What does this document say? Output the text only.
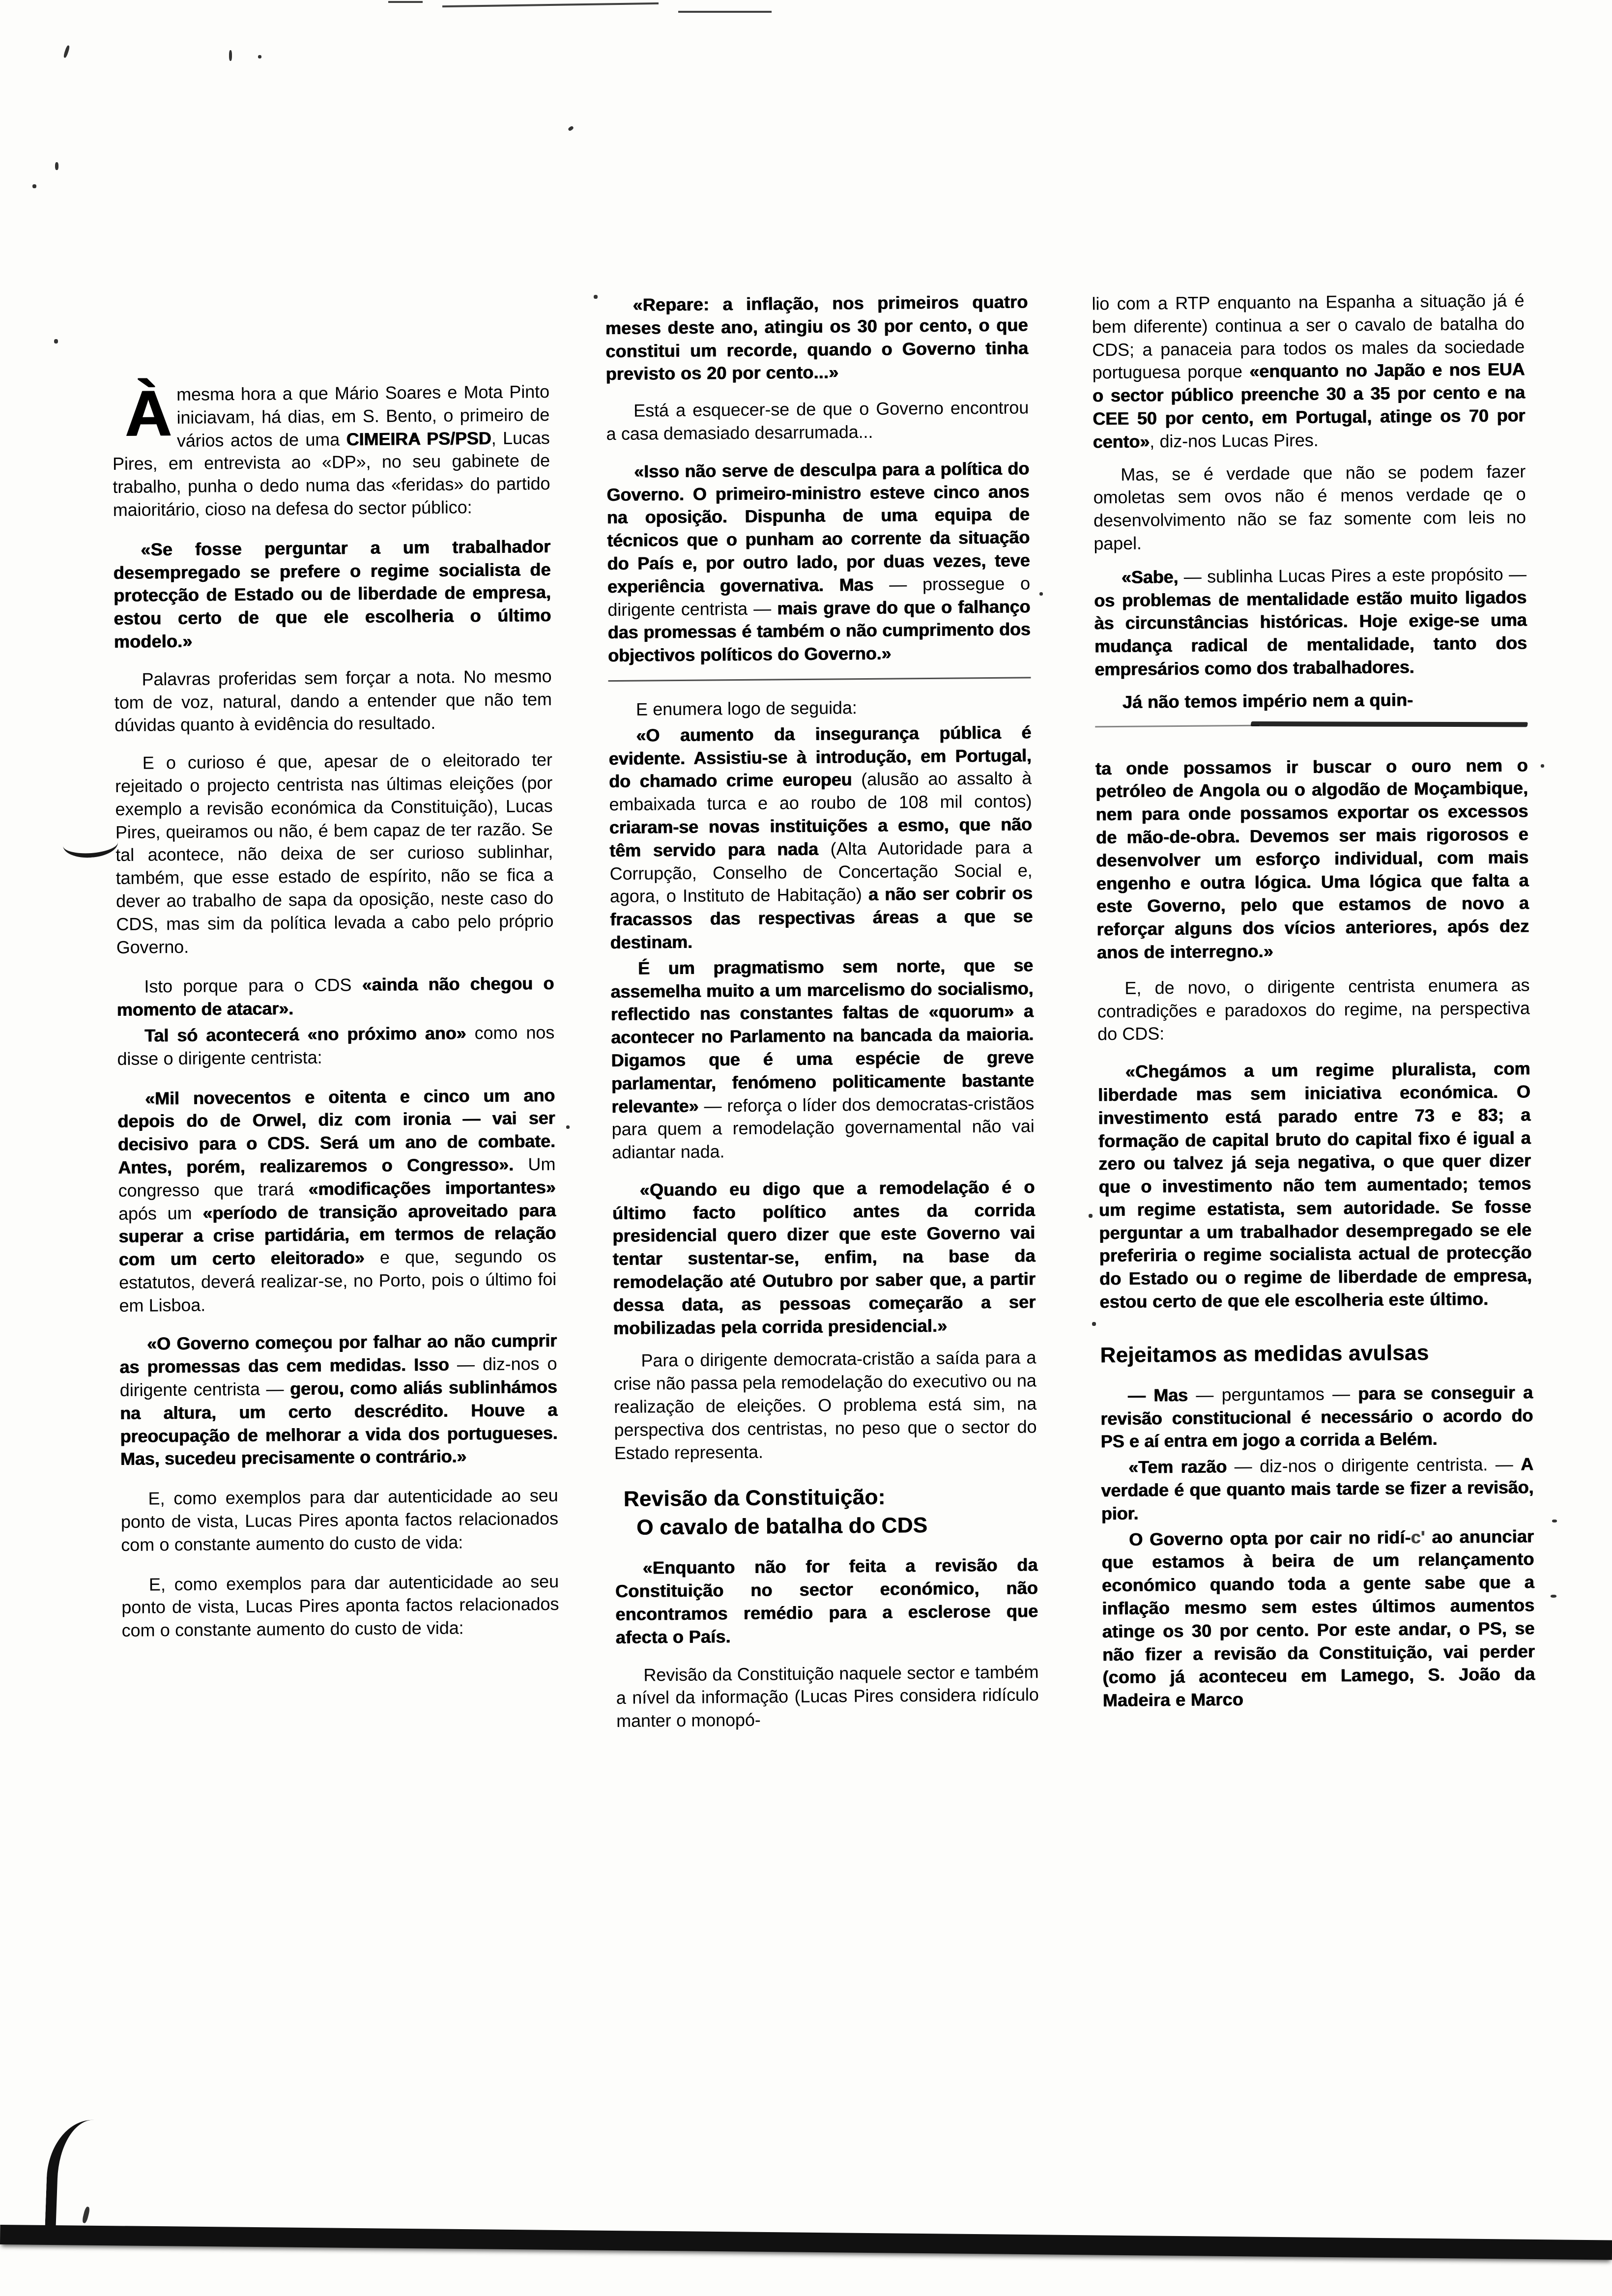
À mesma hora a que Mário Soares e Mota Pinto iniciavam, há dias, em S. Bento, o primeiro de vários actos de uma CIMEIRA PS/PSD, Lucas Pires, em entrevista ao «DP», no seu gabinete de trabalho, punha o dedo numa das «feridas» do partido maioritário, cioso na defesa do sector público:

«Se fosse perguntar a um trabalhador desempregado se prefere o regime socialista de protecção de Estado ou de liberdade de empresa, estou certo de que ele escolheria o último modelo.»

Palavras proferidas sem forçar a nota. No mesmo tom de voz, natural, dando a entender que não tem dúvidas quanto à evidência do resultado.

E o curioso é que, apesar de o eleitorado ter rejeitado o projecto centrista nas últimas eleições (por exemplo a revisão económica da Constituição), Lucas Pires, queiramos ou não, é bem capaz de ter razão. Se tal acontece, não deixa de ser curioso sublinhar, também, que esse estado de espírito, não se fica a dever ao trabalho de sapa da oposição, neste caso do CDS, mas sim da política levada a cabo pelo próprio Governo.

Isto porque para o CDS «ainda não chegou o momento de atacar».

Tal só acontecerá «no próximo ano» como nos disse o dirigente centrista:

«Mil novecentos e oitenta e cinco um ano depois do de Orwel, diz com ironia — vai ser decisivo para o CDS. Será um ano de combate. Antes, porém, realizaremos o Congresso». Um congresso que trará «modificações importantes» após um «período de transição aproveitado para superar a crise partidária, em termos de relação com um certo eleitorado» e que, segundo os estatutos, deverá realizar-se, no Porto, pois o último foi em Lisboa.

«O Governo começou por falhar ao não cumprir as promessas das cem medidas. Isso — diz-nos o dirigente centrista — gerou, como aliás sublinhámos na altura, um certo descrédito. Houve a preocupação de melhorar a vida dos portugueses. Mas, sucedeu precisamente o contrário.»

E, como exemplos para dar autenticidade ao seu ponto de vista, Lucas Pires aponta factos relacionados com o constante aumento do custo de vida:

E, como exemplos para dar autenticidade ao seu ponto de vista, Lucas Pires aponta factos relacionados com o constante aumento do custo de vida:

«Repare: a inflação, nos primeiros quatro meses deste ano, atingiu os 30 por cento, o que constitui um recorde, quando o Governo tinha previsto os 20 por cento...»

Está a esquecer-se de que o Governo encontrou a casa demasiado desarrumada...

«Isso não serve de desculpa para a política do Governo. O primeiro-ministro esteve cinco anos na oposição. Dispunha de uma equipa de técnicos que o punham ao corrente da situação do País e, por outro lado, por duas vezes, teve experiência governativa. Mas — prossegue o dirigente centrista — mais grave do que o falhanço das promessas é também o não cumprimento dos objectivos políticos do Governo.»

E enumera logo de seguida:

«O aumento da insegurança pública é evidente. Assistiu-se à introdução, em Portugal, do chamado crime europeu (alusão ao assalto à embaixada turca e ao roubo de 108 mil contos) criaram-se novas instituições a esmo, que não têm servido para nada (Alta Autoridade para a Corrupção, Conselho de Concertação Social e, agora, o Instituto de Habitação) a não ser cobrir os fracassos das respectivas áreas a que se destinam.

É um pragmatismo sem norte, que se assemelha muito a um marcelismo do socialismo, reflectido nas constantes faltas de «quorum» a acontecer no Parlamento na bancada da maioria. Digamos que é uma espécie de greve parlamentar, fenómeno politicamente bastante relevante» — reforça o líder dos democratas-cristãos para quem a remodelação governamental não vai adiantar nada.

«Quando eu digo que a remodelação é o último facto político antes da corrida presidencial quero dizer que este Governo vai tentar sustentar-se, enfim, na base da remodelação até Outubro por saber que, a partir dessa data, as pessoas começarão a ser mobilizadas pela corrida presidencial.»

Para o dirigente democrata-cristão a saída para a crise não passa pela remodelação do executivo ou na realização de eleições. O problema está sim, na perspectiva dos centristas, no peso que o sector do Estado representa.

Revisão da Constituição:
O cavalo de batalha do CDS

«Enquanto não for feita a revisão da Constituição no sector económico, não encontramos remédio para a esclerose que afecta o País.

Revisão da Constituição naquele sector e também a nível da informação (Lucas Pires considera ridículo manter o monopó-

lio com a RTP enquanto na Espanha a situação já é bem diferente) continua a ser o cavalo de batalha do CDS; a panaceia para todos os males da sociedade portuguesa porque «enquanto no Japão e nos EUA o sector público preenche 30 a 35 por cento e na CEE 50 por cento, em Portugal, atinge os 70 por cento», diz-nos Lucas Pires.

Mas, se é verdade que não se podem fazer omoletas sem ovos não é menos verdade qe o desenvolvimento não se faz somente com leis no papel.

«Sabe, — sublinha Lucas Pires a este propósito — os problemas de mentalidade estão muito ligados às circunstâncias históricas. Hoje exige-se uma mudança radical de mentalidade, tanto dos empresários como dos trabalhadores.

Já não temos império nem a quin-

ta onde possamos ir buscar o ouro nem o petróleo de Angola ou o algodão de Moçambique, nem para onde possamos exportar os excessos de mão-de-obra. Devemos ser mais rigorosos e desenvolver um esforço individual, com mais engenho e outra lógica. Uma lógica que falta a este Governo, pelo que estamos de novo a reforçar alguns dos vícios anteriores, após dez anos de interregno.»

E, de novo, o dirigente centrista enumera as contradições e paradoxos do regime, na perspectiva do CDS:

«Chegámos a um regime pluralista, com liberdade mas sem iniciativa económica. O investimento está parado entre 73 e 83; a formação de capital bruto do capital fixo é igual a zero ou talvez já seja negativa, o que quer dizer que o investimento não tem aumentado; temos um regime estatista, sem autoridade. Se fosse perguntar a um trabalhador desempregado se ele preferiria o regime socialista actual de protecção do Estado ou o regime de liberdade de empresa, estou certo de que ele escolheria este último.

Rejeitamos as medidas avulsas

— Mas — perguntamos — para se conseguir a revisão constitucional é necessário o acordo do PS e aí entra em jogo a corrida a Belém.

«Tem razão — diz-nos o dirigente centrista. — A verdade é que quanto mais tarde se fizer a revisão, pior.

O Governo opta por cair no ridí-c' ao anunciar que estamos à beira de um relançamento económico quando toda a gente sabe que a inflação mesmo sem estes últimos aumentos atinge os 30 por cento. Por este andar, o PS, se não fizer a revisão da Constituição, vai perder (como já aconteceu em Lamego, S. João da Madeira e Marco
